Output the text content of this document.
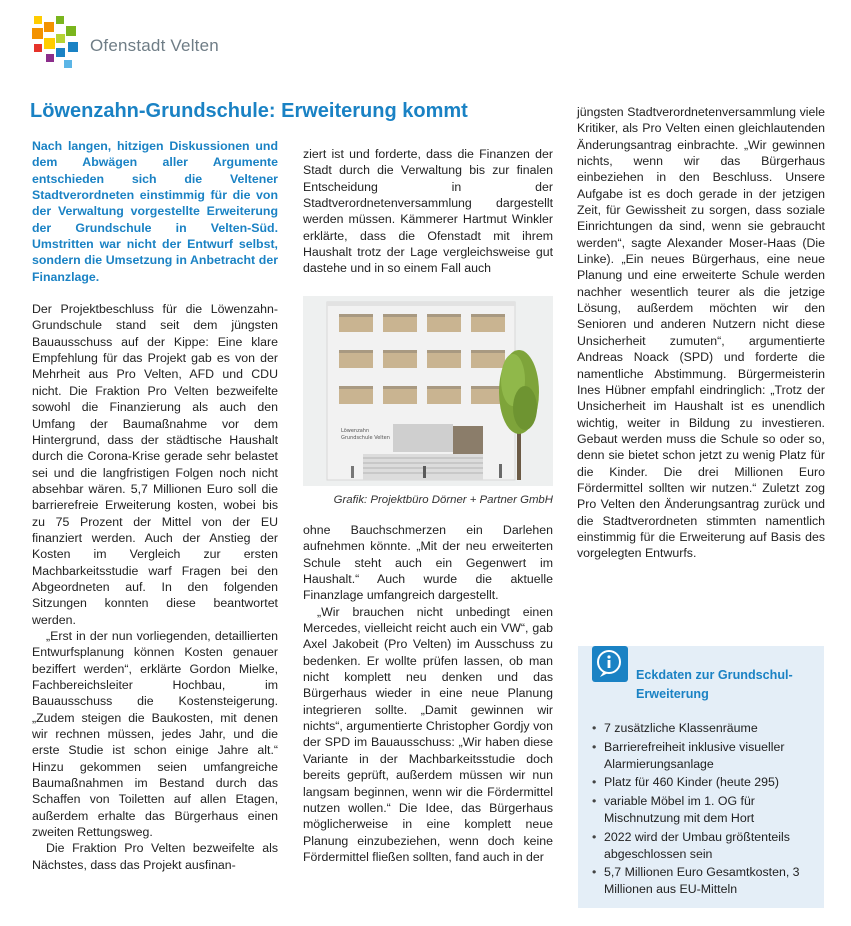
Ofenstadt Velten
Löwenzahn-Grundschule: Erweiterung kommt

Nach langen, hitzigen Diskussionen und dem Abwägen aller Argumente entschieden sich die Veltener Stadtverordneten einstimmig für die von der Verwaltung vorgestellte Erweiterung der Grundschule in Velten-Süd. Umstritten war nicht der Entwurf selbst, sondern die Umsetzung in Anbetracht der Finanzlage.

Der Projektbeschluss für die Löwenzahn-Grundschule stand seit dem jüngsten Bauausschuss auf der Kippe: Eine klare Empfehlung für das Projekt gab es von der Mehrheit aus Pro Velten, AFD und CDU nicht. Die Fraktion Pro Velten bezweifelte sowohl die Finanzierung als auch den Umfang der Baumaßnahme vor dem Hintergrund, dass der städtische Haushalt durch die Corona-Krise gerade sehr belastet sei und die langfristigen Folgen noch nicht absehbar wären. 5,7 Millionen Euro soll die barrierefreie Erweiterung kosten, wobei bis zu 75 Prozent der Mittel von der EU finanziert werden. Auch der Anstieg der Kosten im Vergleich zur ersten Machbarkeitsstudie warf Fragen bei den Abgeordneten auf. In den folgenden Sitzungen konnten diese beantwortet werden.

„Erst in der nun vorliegenden, detaillierten Entwurfsplanung können Kosten genauer beziffert werden“, erklärte Gordon Mielke, Fachbereichsleiter Hochbau, im Bauausschuss die Kostensteigerung. „Zudem steigen die Baukosten, mit denen wir rechnen müssen, jedes Jahr, und die erste Studie ist schon einige Jahre alt.“ Hinzu gekommen seien umfangreiche Baumaßnahmen im Bestand durch das Schaffen von Toiletten auf allen Etagen, außerdem erhalte das Bürgerhaus einen zweiten Rettungsweg.

Die Fraktion Pro Velten bezweifelte als Nächstes, dass das Projekt ausfinan-

ziert ist und forderte, dass die Finanzen der Stadt durch die Verwaltung bis zur finalen Entscheidung in der Stadtverordnetenversammlung dargestellt werden müssen. Kämmerer Hartmut Winkler erklärte, dass die Ofenstadt mit ihrem Haushalt trotz der Lage vergleichsweise gut dastehe und in so einem Fall auch

Löwenzahn
Grundschule Velten
Grafik: Projektbüro Dörner + Partner GmbH

ohne Bauchschmerzen ein Darlehen aufnehmen könnte. „Mit der neu erweiterten Schule steht auch ein Gegenwert im Haushalt.“ Auch wurde die aktuelle Finanzlage umfangreich dargestellt.

„Wir brauchen nicht unbedingt einen Mercedes, vielleicht reicht auch ein VW“, gab Axel Jakobeit (Pro Velten) im Ausschuss zu bedenken. Er wollte prüfen lassen, ob man nicht komplett neu denken und das Bürgerhaus wieder in eine neue Planung integrieren sollte. „Damit gewinnen wir nichts“, argumentierte Christopher Gordjy von der SPD im Bauausschuss: „Wir haben diese Variante in der Machbarkeitsstudie doch bereits geprüft, außerdem müssen wir nun langsam beginnen, wenn wir die Fördermittel nutzen wollen.“ Die Idee, das Bürgerhaus möglicherweise in eine komplett neue Planung einzubeziehen, wenn doch keine Fördermittel fließen sollten, fand auch in der

jüngsten Stadtverordnetenversammlung viele Kritiker, als Pro Velten einen gleichlautenden Änderungsantrag einbrachte. „Wir gewinnen nichts, wenn wir das Bürgerhaus einbeziehen in den Beschluss. Unsere Aufgabe ist es doch gerade in der jetzigen Zeit, für Gewissheit zu sorgen, dass soziale Einrichtungen da sind, wenn sie gebraucht werden“, sagte Alexander Moser-Haas (Die Linke). „Ein neues Bürgerhaus, eine neue Planung und eine erweiterte Schule werden nachher wesentlich teurer als die jetzige Lösung, außerdem möchten wir den Senioren und anderen Nutzern nicht diese Unsicherheit zumuten“, argumentierte Andreas Noack (SPD) und forderte die namentliche Abstimmung. Bürgermeisterin Ines Hübner empfahl eindringlich: „Trotz der Unsicherheit im Haushalt ist es unendlich wichtig, weiter in Bildung zu investieren. Gebaut werden muss die Schule so oder so, denn sie bietet schon jetzt zu wenig Platz für die Kinder. Die drei Millionen Euro Fördermittel sollten wir nutzen.“ Zuletzt zog Pro Velten den Änderungsantrag zurück und die Stadtverordneten stimmten namentlich einstimmig für die Erweiterung auf Basis des vorgelegten Entwurfs.

Eckdaten zur Grundschul-Erweiterung
• 7 zusätzliche Klassenräume
• Barrierefreiheit inklusive visueller Alarmierungsanlage
• Platz für 460 Kinder (heute 295)
• variable Möbel im 1. OG für Mischnutzung mit dem Hort
• 2022 wird der Umbau größtenteils abgeschlossen sein
• 5,7 Millionen Euro Gesamtkosten, 3 Millionen aus EU-Mitteln
